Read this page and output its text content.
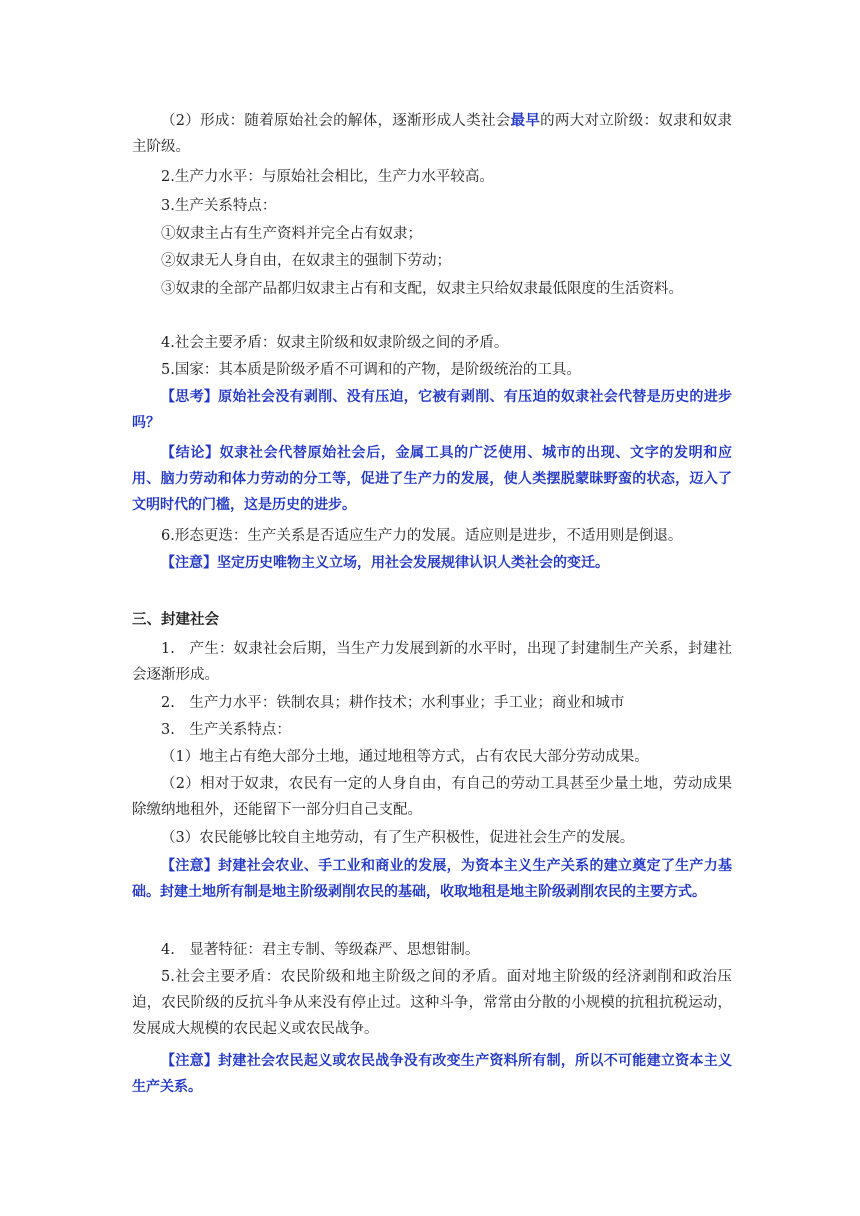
（2）形成：随着原始社会的解体，逐渐形成人类社会最早的两大对立阶级：奴隶和奴隶主阶级。

2.生产力水平：与原始社会相比，生产力水平较高。

3.生产关系特点：

①奴隶主占有生产资料并完全占有奴隶；

②奴隶无人身自由，在奴隶主的强制下劳动；

③奴隶的全部产品都归奴隶主占有和支配，奴隶主只给奴隶最低限度的生活资料。

4.社会主要矛盾：奴隶主阶级和奴隶阶级之间的矛盾。

5.国家：其本质是阶级矛盾不可调和的产物，是阶级统治的工具。

【思考】原始社会没有剥削、没有压迫，它被有剥削、有压迫的奴隶社会代替是历史的进步吗？

【结论】奴隶社会代替原始社会后，金属工具的广泛使用、城市的出现、文字的发明和应用、脑力劳动和体力劳动的分工等，促进了生产力的发展，使人类摆脱蒙昧野蛮的状态，迈入了文明时代的门槛，这是历史的进步。

6.形态更迭：生产关系是否适应生产力的发展。适应则是进步，不适用则是倒退。

【注意】坚定历史唯物主义立场，用社会发展规律认识人类社会的变迁。

三、封建社会

1.　产生：奴隶社会后期，当生产力发展到新的水平时，出现了封建制生产关系，封建社会逐渐形成。

2.　生产力水平：铁制农具；耕作技术；水利事业；手工业；商业和城市

3.　生产关系特点：

（1）地主占有绝大部分土地，通过地租等方式，占有农民大部分劳动成果。

（2）相对于奴隶，农民有一定的人身自由，有自己的劳动工具甚至少量土地，劳动成果除缴纳地租外，还能留下一部分归自己支配。

（3）农民能够比较自主地劳动，有了生产积极性，促进社会生产的发展。

【注意】封建社会农业、手工业和商业的发展，为资本主义生产关系的建立奠定了生产力基础。封建土地所有制是地主阶级剥削农民的基础，收取地租是地主阶级剥削农民的主要方式。

4.　显著特征：君主专制、等级森严、思想钳制。

5.社会主要矛盾：农民阶级和地主阶级之间的矛盾。面对地主阶级的经济剥削和政治压迫，农民阶级的反抗斗争从来没有停止过。这种斗争，常常由分散的小规模的抗租抗税运动，发展成大规模的农民起义或农民战争。

【注意】封建社会农民起义或农民战争没有改变生产资料所有制，所以不可能建立资本主义生产关系。
